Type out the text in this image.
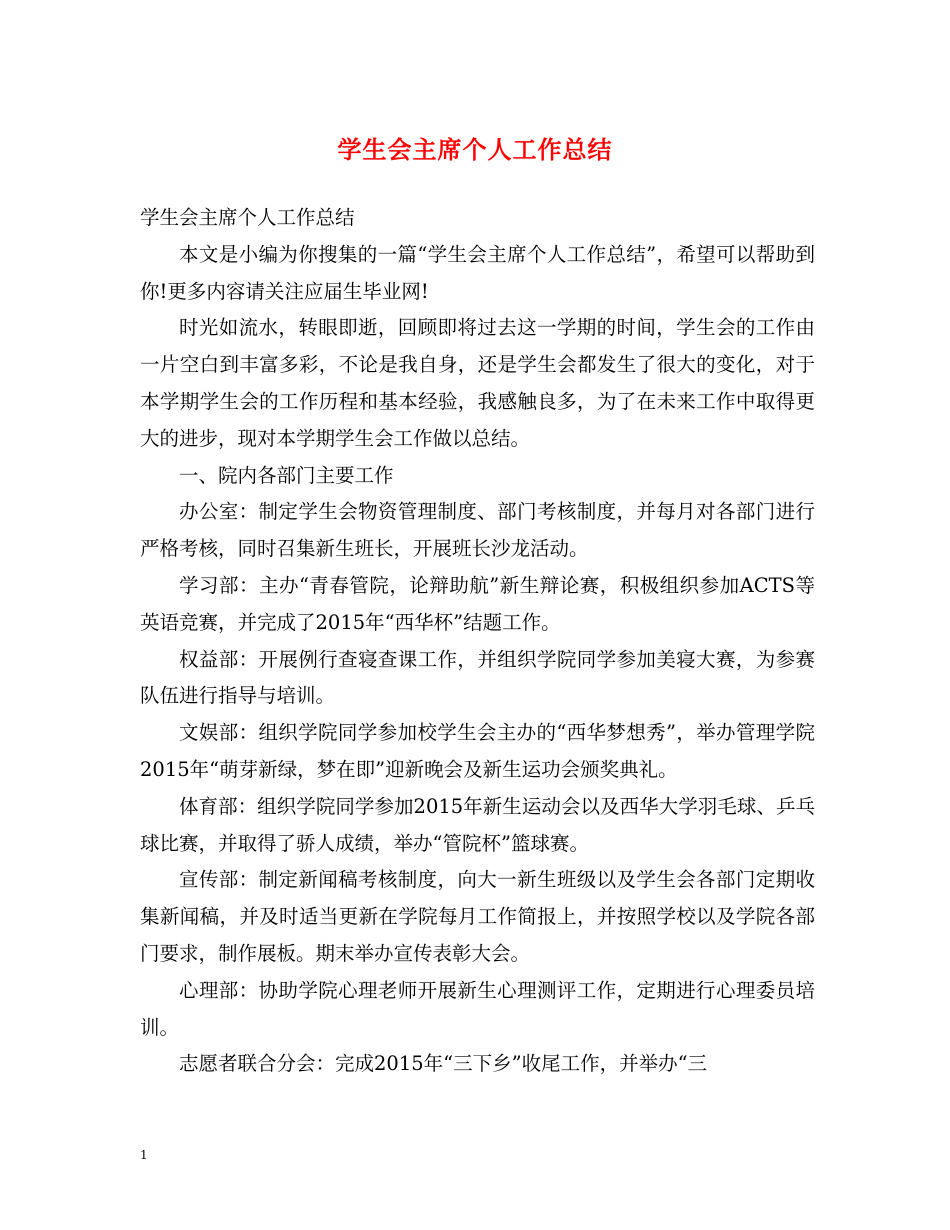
学生会主席个人工作总结

学生会主席个人工作总结

本文是小编为你搜集的一篇“学生会主席个人工作总结”，希望可以帮助到你!更多内容请关注应届生毕业网!

时光如流水，转眼即逝，回顾即将过去这一学期的时间，学生会的工作由一片空白到丰富多彩，不论是我自身，还是学生会都发生了很大的变化，对于本学期学生会的工作历程和基本经验，我感触良多，为了在未来工作中取得更大的进步，现对本学期学生会工作做以总结。

一、院内各部门主要工作

办公室：制定学生会物资管理制度、部门考核制度，并每月对各部门进行严格考核，同时召集新生班长，开展班长沙龙活动。

学习部：主办“青春管院，论辩助航”新生辩论赛，积极组织参加ACTS等英语竞赛，并完成了2015年“西华杯”结题工作。

权益部：开展例行查寝查课工作，并组织学院同学参加美寝大赛，为参赛队伍进行指导与培训。

文娱部：组织学院同学参加校学生会主办的“西华梦想秀”，举办管理学院2015年“萌芽新绿，梦在即”迎新晚会及新生运功会颁奖典礼。

体育部：组织学院同学参加2015年新生运动会以及西华大学羽毛球、乒乓球比赛，并取得了骄人成绩，举办“管院杯”篮球赛。

宣传部：制定新闻稿考核制度，向大一新生班级以及学生会各部门定期收集新闻稿，并及时适当更新在学院每月工作简报上，并按照学校以及学院各部门要求，制作展板。期末举办宣传表彰大会。

心理部：协助学院心理老师开展新生心理测评工作，定期进行心理委员培训。

志愿者联合分会：完成2015年“三下乡”收尾工作，并举办“三

1
